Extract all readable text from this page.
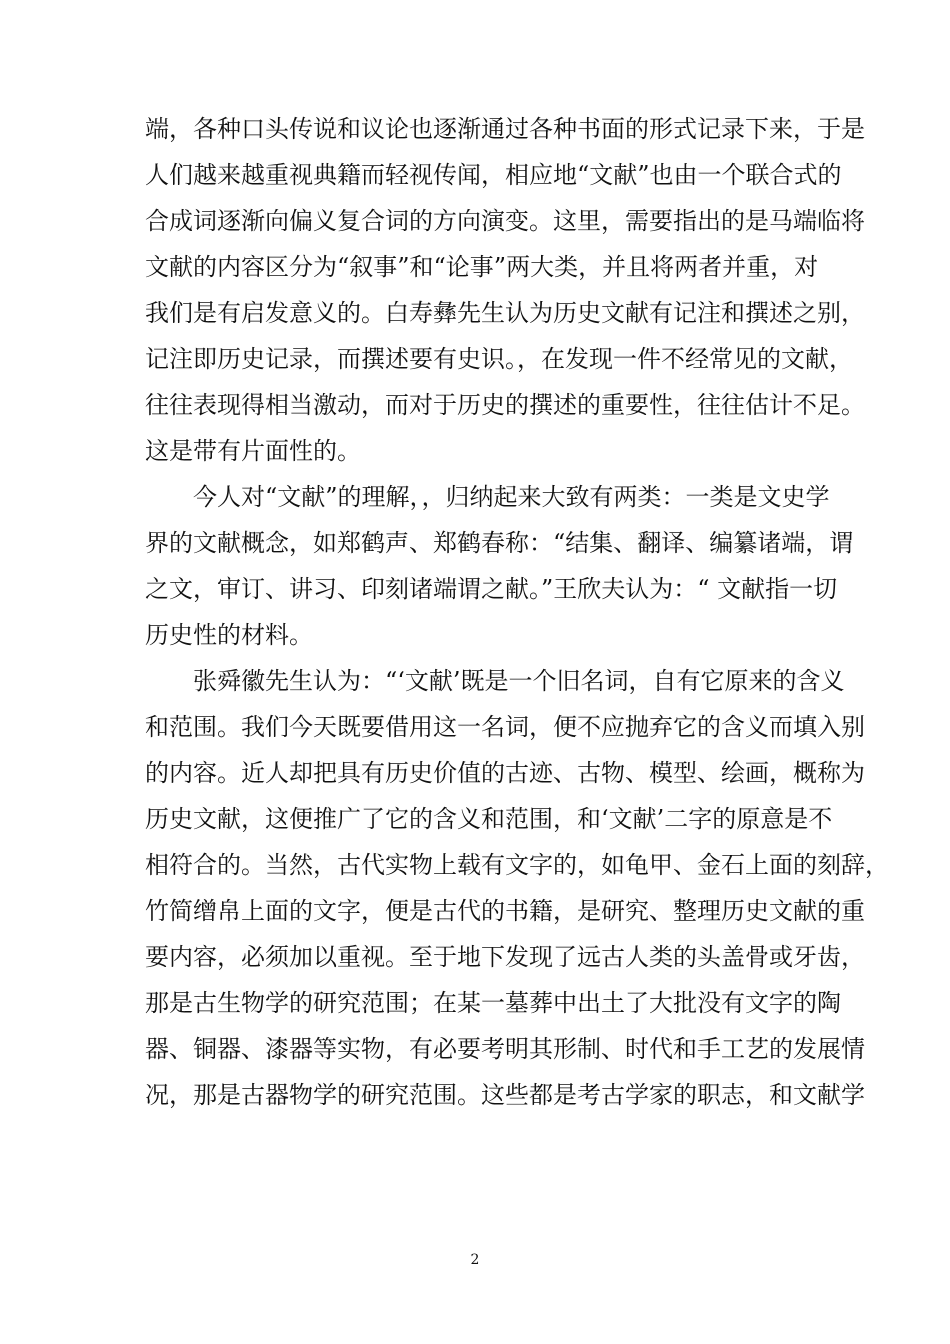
端，各种口头传说和议论也逐渐通过各种书面的形式记录下来，于是
人们越来越重视典籍而轻视传闻，相应地“文献”也由一个联合式的
合成词逐渐向偏义复合词的方向演变。这里，需要指出的是马端临将
文献的内容区分为“叙事”和“论事”两大类，并且将两者并重，对
我们是有启发意义的。白寿彝先生认为历史文献有记注和撰述之别，
记注即历史记录，而撰述要有史识。，在发现一件不经常见的文献，
往往表现得相当激动，而对于历史的撰述的重要性，往往估计不足。
这是带有片面性的。
今人对“文献”的理解，，归纳起来大致有两类：一类是文史学
界的文献概念，如郑鹤声、郑鹤春称：“结集、翻译、编纂诸端，谓
之文，审订、讲习、印刻诸端谓之献。”王欣夫认为：“ 文献指一切
历史性的材料。
张舜徽先生认为：“‘文献’既是一个旧名词，自有它原来的含义
和范围。我们今天既要借用这一名词，便不应抛弃它的含义而填入别
的内容。近人却把具有历史价值的古迹、古物、模型、绘画，概称为
历史文献，这便推广了它的含义和范围，和‘文献’二字的原意是不
相符合的。当然，古代实物上载有文字的，如龟甲、金石上面的刻辞，
竹简缯帛上面的文字，便是古代的书籍，是研究、整理历史文献的重
要内容，必须加以重视。至于地下发现了远古人类的头盖骨或牙齿，
那是古生物学的研究范围；在某一墓葬中出土了大批没有文字的陶
器、铜器、漆器等实物，有必要考明其形制、时代和手工艺的发展情
况，那是古器物学的研究范围。这些都是考古学家的职志，和文献学
2
